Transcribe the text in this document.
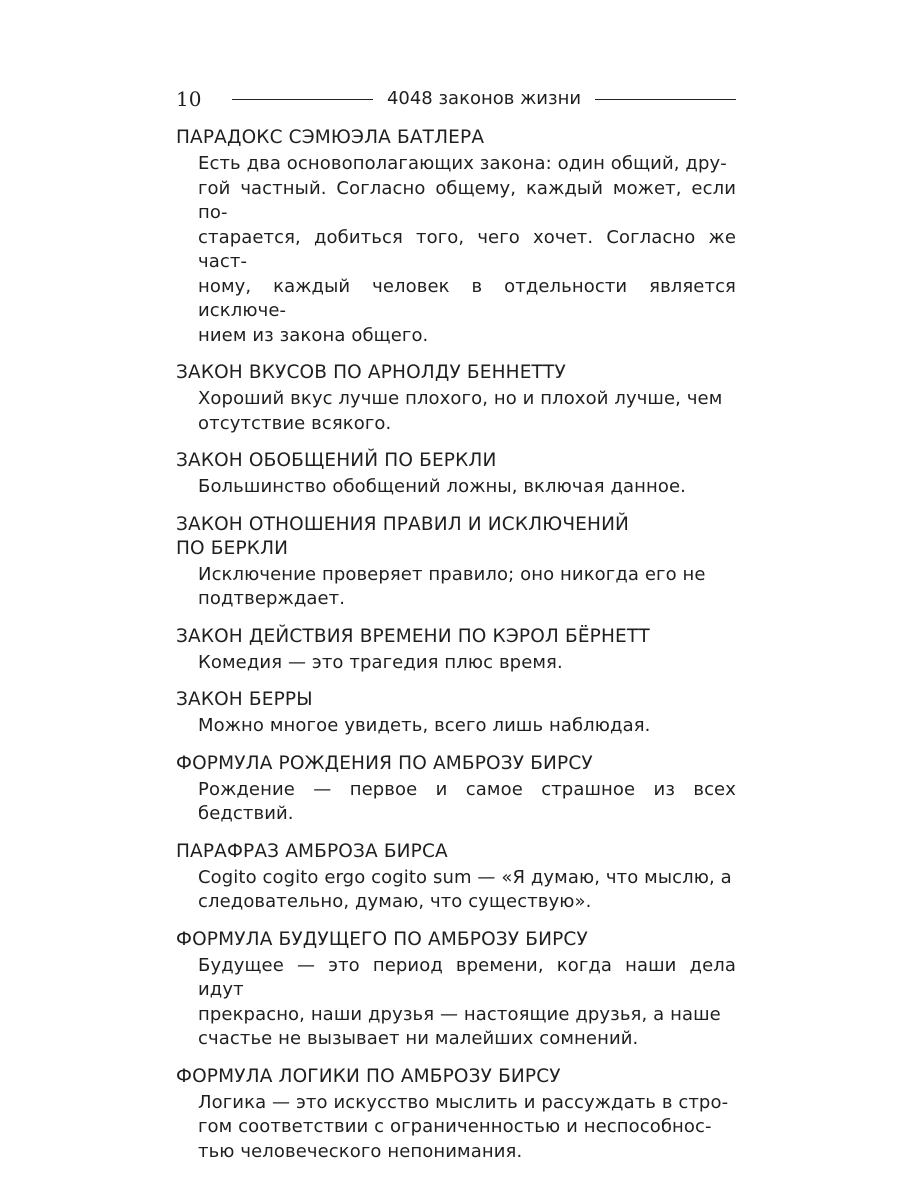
10	4048 законов жизни
ПАРАДОКС СЭМЮЭЛА БАТЛЕРА
Есть два основополагающих закона: один общий, дру-
гой частный. Согласно общему, каждый может, если по-
старается, добиться того, чего хочет. Согласно же част-
ному, каждый человек в отдельности является исключе-
нием из закона общего.
ЗАКОН ВКУСОВ ПО АРНОЛДУ БЕННЕТТУ
Хороший вкус лучше плохого, но и плохой лучше, чем
отсутствие всякого.
ЗАКОН ОБОБЩЕНИЙ ПО БЕРКЛИ
Большинство обобщений ложны, включая данное.
ЗАКОН ОТНОШЕНИЯ ПРАВИЛ И ИСКЛЮЧЕНИЙ
ПО БЕРКЛИ
Исключение проверяет правило; оно никогда его не
подтверждает.
ЗАКОН ДЕЙСТВИЯ ВРЕМЕНИ ПО КЭРОЛ БЁРНЕТТ
Комедия — это трагедия плюс время.
ЗАКОН БЕРРЫ
Можно многое увидеть, всего лишь наблюдая.
ФОРМУЛА РОЖДЕНИЯ ПО АМБРОЗУ БИРСУ
Рождение — первое и самое страшное из всех бедствий.
ПАРАФРАЗ АМБРОЗА БИРСА
Cogito cogito ergo cogito sum — «Я думаю, что мыслю, а
следовательно, думаю, что существую».
ФОРМУЛА БУДУЩЕГО ПО АМБРОЗУ БИРСУ
Будущее — это период времени, когда наши дела идут
прекрасно, наши друзья — настоящие друзья, а наше
счастье не вызывает ни малейших сомнений.
ФОРМУЛА ЛОГИКИ ПО АМБРОЗУ БИРСУ
Логика — это искусство мыслить и рассуждать в стро-
гом соответствии с ограниченностью и неспособнос-
тью человеческого непонимания.
